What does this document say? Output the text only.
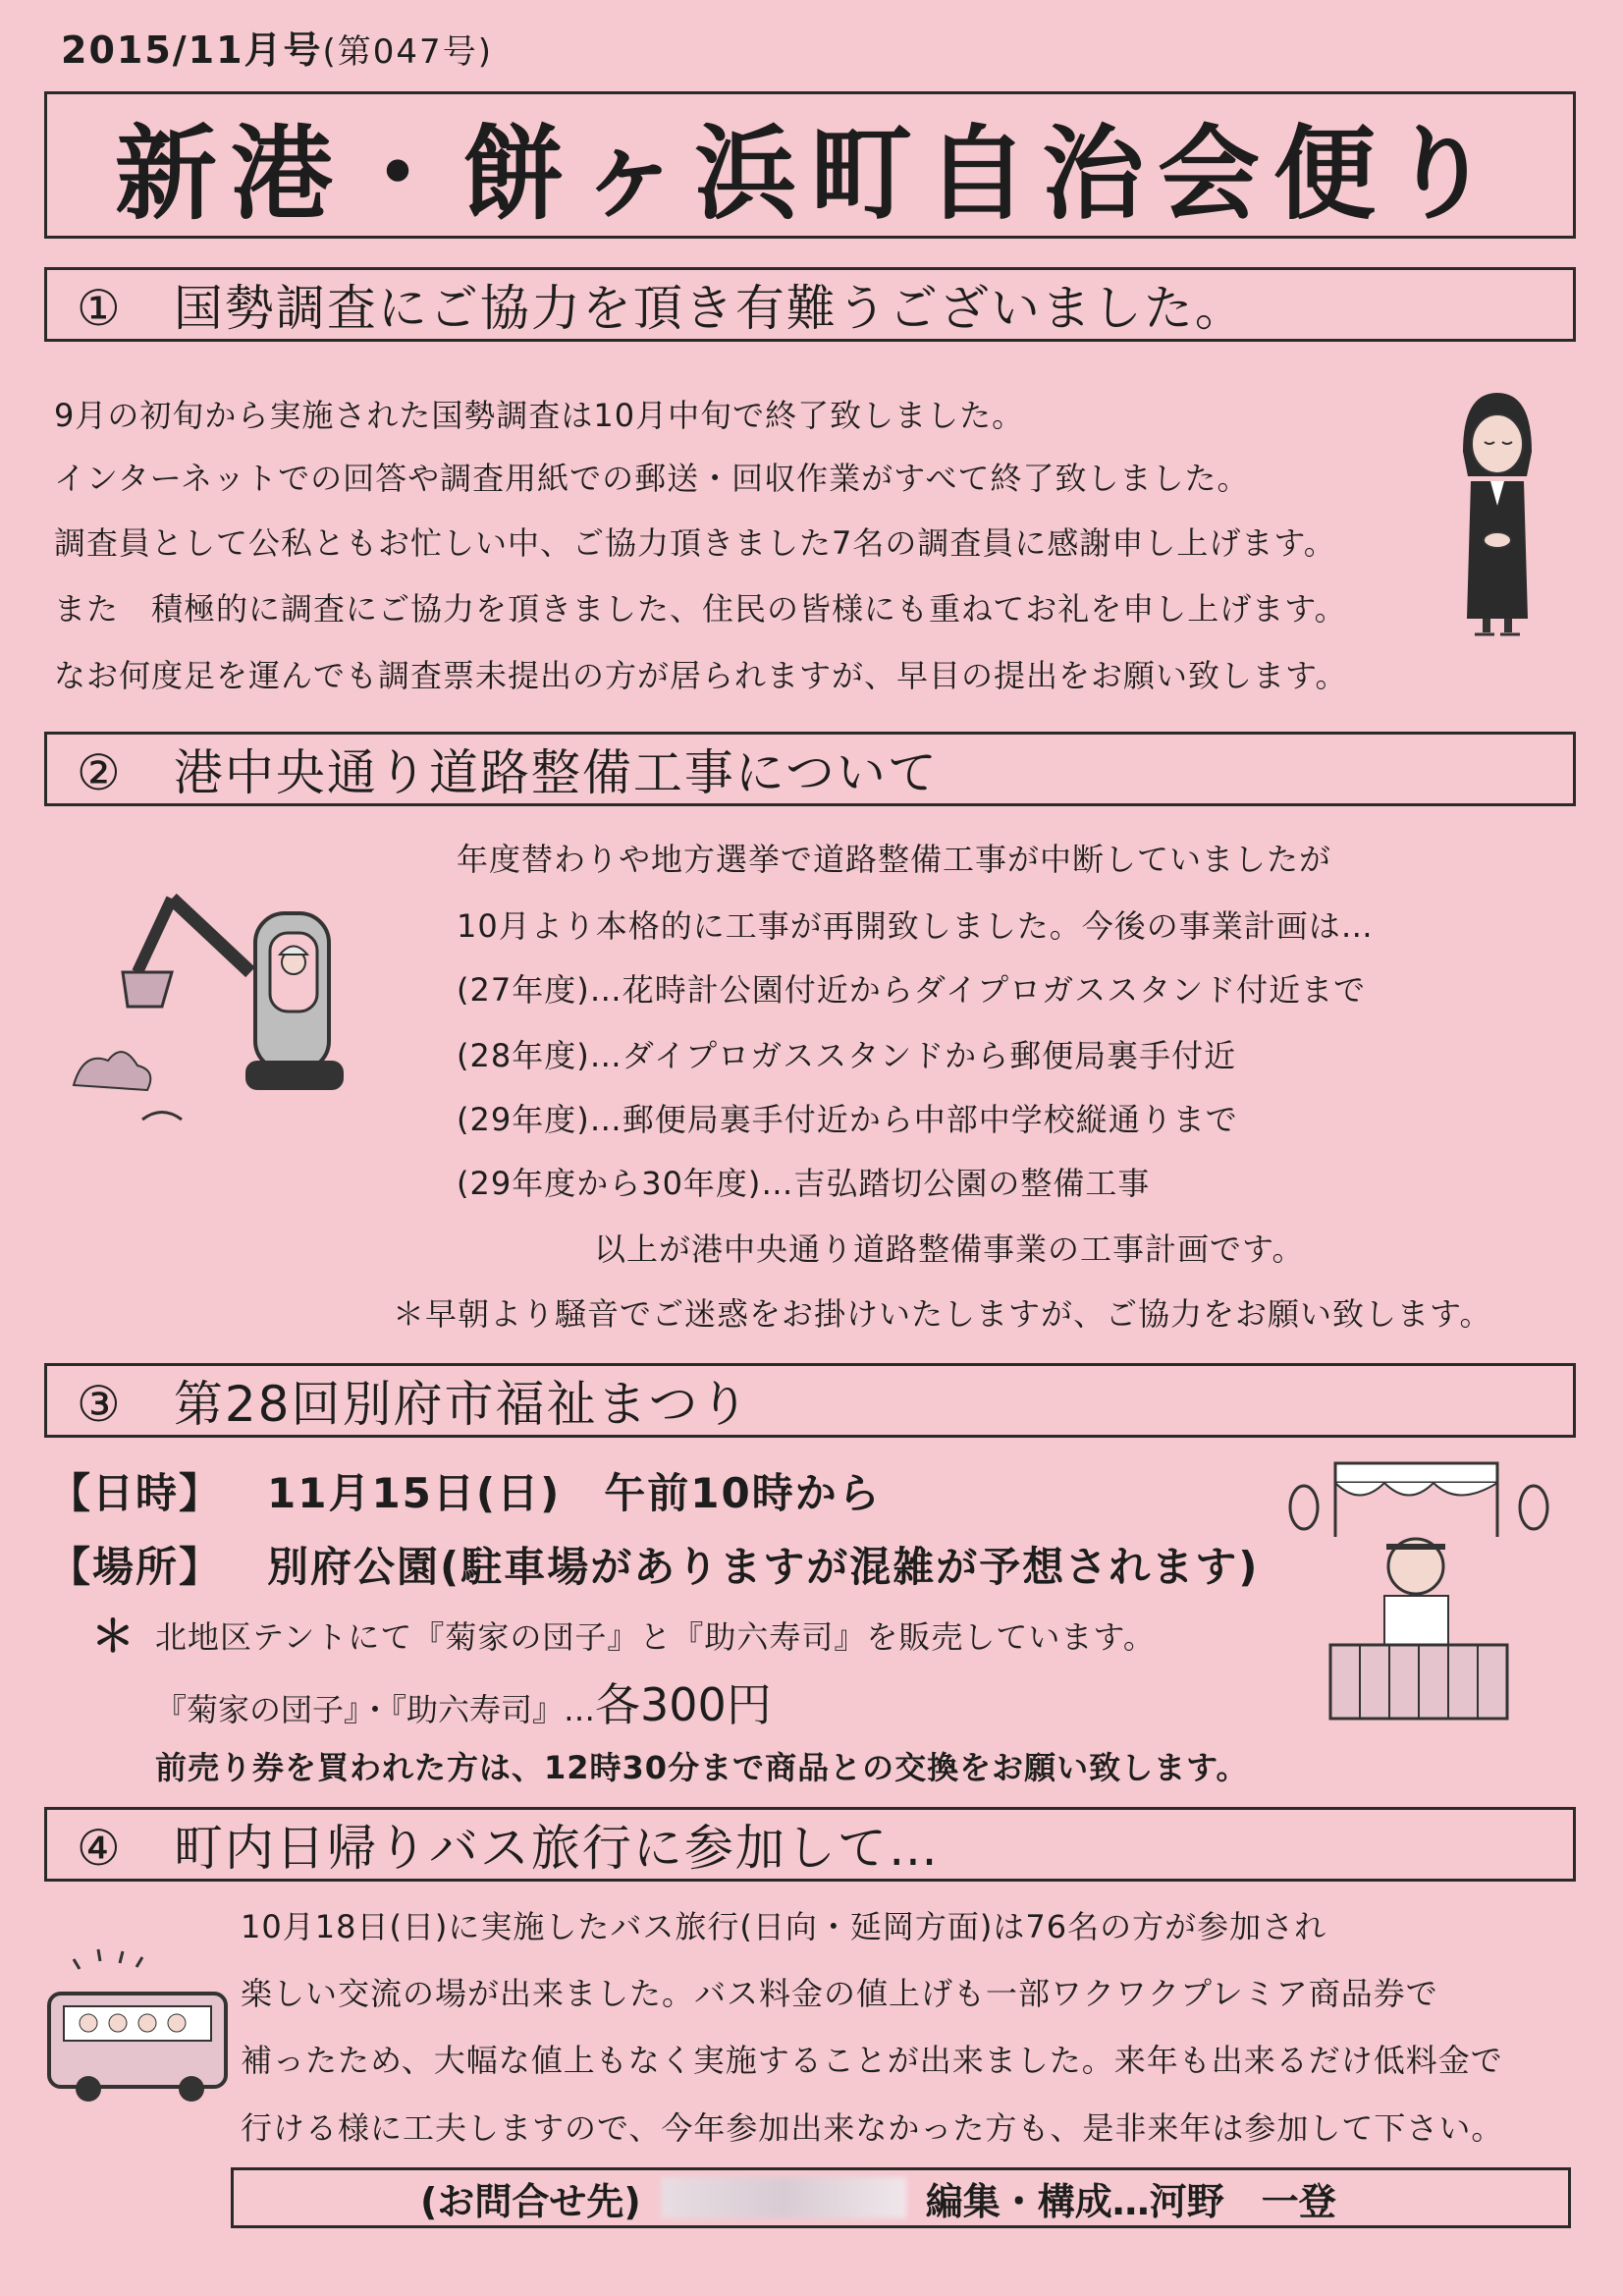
2015/11月号(第047号)
新港・餅ヶ浜町自治会便り
①　国勢調査にご協力を頂き有難うございました。
9月の初旬から実施された国勢調査は10月中旬で終了致しました。
インターネットでの回答や調査用紙での郵送・回収作業がすべて終了致しました。
調査員として公私ともお忙しい中、ご協力頂きました7名の調査員に感謝申し上げます。
また　積極的に調査にご協力を頂きました、住民の皆様にも重ねてお礼を申し上げます。
なお何度足を運んでも調査票未提出の方が居られますが、早目の提出をお願い致します。
②　港中央通り道路整備工事について
年度替わりや地方選挙で道路整備工事が中断していましたが
10月より本格的に工事が再開致しました。今後の事業計画は…
(27年度)…花時計公園付近からダイプロガススタンド付近まで
(28年度)…ダイプロガススタンドから郵便局裏手付近
(29年度)…郵便局裏手付近から中部中学校縦通りまで
(29年度から30年度)…吉弘踏切公園の整備工事
以上が港中央通り道路整備事業の工事計画です。
＊早朝より騒音でご迷惑をお掛けいたしますが、ご協力をお願い致します。
③　第28回別府市福祉まつり
【日時】 11月15日(日)　午前10時から
【場所】 別府公園(駐車場がありますが混雑が予想されます)
＊ 北地区テントにて『菊家の団子』と『助六寿司』を販売しています。
『菊家の団子』・『助六寿司』…各300円
前売り券を買われた方は、12時30分まで商品との交換をお願い致します。
④　町内日帰りバス旅行に参加して…
10月18日(日)に実施したバス旅行(日向・延岡方面)は76名の方が参加され
楽しい交流の場が出来ました。バス料金の値上げも一部ワクワクプレミア商品券で
補ったため、大幅な値上もなく実施することが出来ました。来年も出来るだけ低料金で
行ける様に工夫しますので、今年参加出来なかった方も、是非来年は参加して下さい。
(お問合せ先)	編集・構成…河野　一登
